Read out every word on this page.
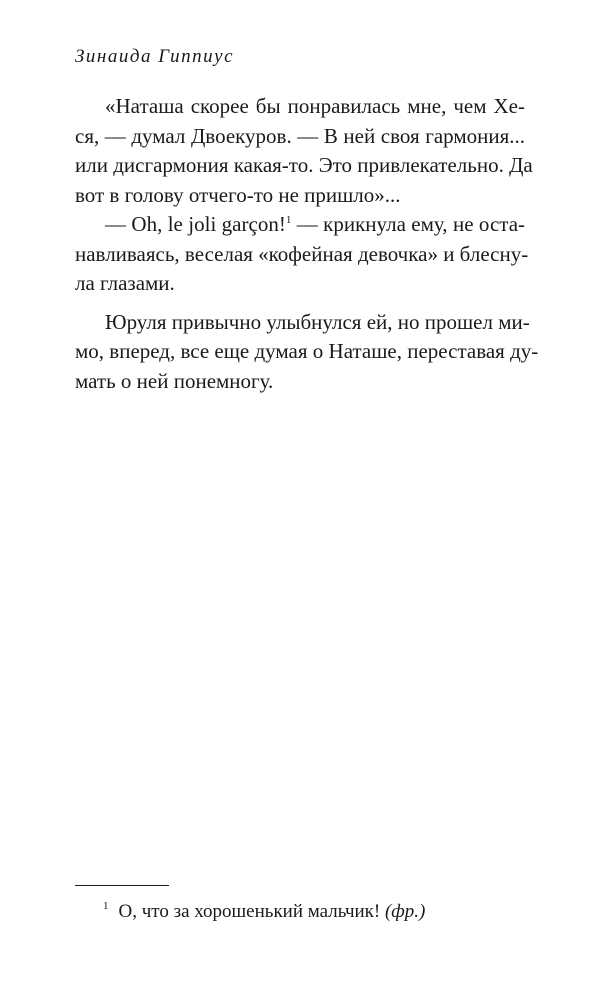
Зинаида Гиппиус
«Наташа скорее бы понравилась мне, чем Хе-
ся, — думал Двоекуров. — В ней своя гармония...
или дисгармония какая-то. Это привлекательно. Да
вот в голову отчего-то не пришло»...
— Oh, le joli garçon!$^1$ — крикнула ему, не оста-
навливаясь, веселая «кофейная девочка» и блесну-
ла глазами.
Юруля привычно улыбнулся ей, но прошел ми-
мо, вперед, все еще думая о Наташе, переставая ду-
мать о ней понемногу.
$^1$ О, что за хорошенький мальчик! (фр.)
